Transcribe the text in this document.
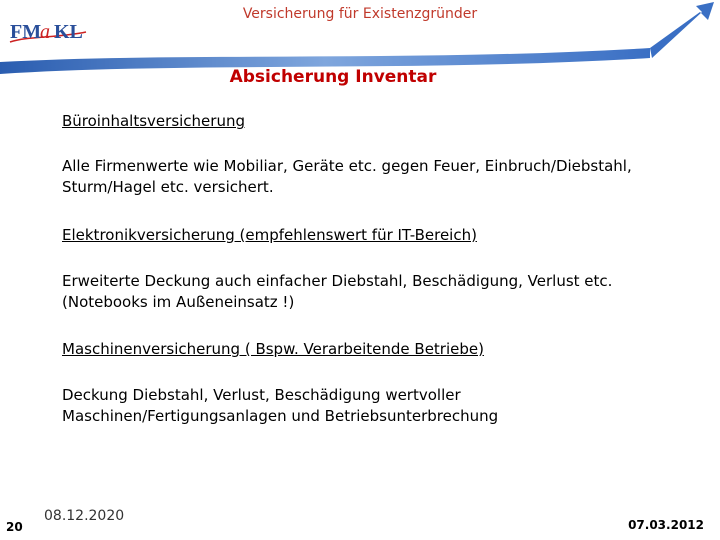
FM
a KL
Versicherung für Existenzgründer
Absicherung Inventar
Büroinhaltsversicherung
Alle Firmenwerte wie Mobiliar, Geräte etc. gegen Feuer, Einbruch/Diebstahl,
Sturm/Hagel etc. versichert.
Elektronikversicherung (empfehlenswert für IT-Bereich)
Erweiterte Deckung auch einfacher Diebstahl, Beschädigung, Verlust etc.
(Notebooks im Außeneinsatz !)
Maschinenversicherung ( Bspw. Verarbeitende Betriebe)
Deckung Diebstahl, Verlust, Beschädigung wertvoller
Maschinen/Fertigungsanlagen und Betriebsunterbrechung
20
08.12.2020
07.03.2012
